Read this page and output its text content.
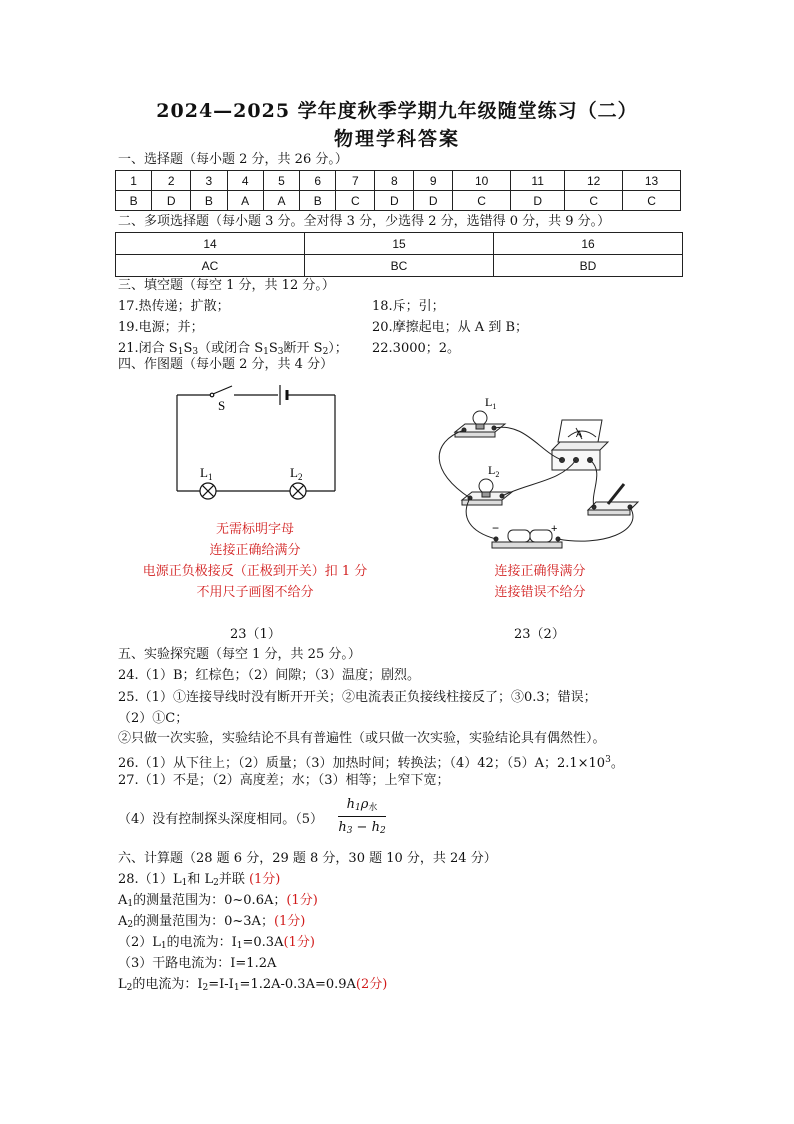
2024—2025 学年度秋季学期九年级随堂练习（二）
物理学科答案
一、选择题（每小题 2 分，共 26 分。）
1	2	3	4	5	6	7	8	9	10	11	12	13
B	D	B	A	A	B	C	D	D	C	D	C	C
二、多项选择题（每小题 3 分。全对得 3 分，少选得 2 分，选错得 0 分，共 9 分。）
14	15	16
AC	BC	BD
三、填空题（每空 1 分，共 12 分。）
17.热传递；扩散；	18.斥；引；
19.电源；并；	20.摩擦起电；从 A 到 B；
21.闭合 $S_1S_3$（或闭合 $S_1S_3$断开 $S_2$）； 22.3000；2。
四、作图题（每小题 2 分，共 4 分）
S
$L_1$	$L_2$
无需标明字母
连接正确给满分
电源正负极接反（正极到开关）扣 1 分
不用尺子画图不给分
$L_1$
$L_2$
A
−	+
连接正确得满分
连接错误不给分
23（1）	23（2）
五、实验探究题（每空 1 分，共 25 分。）
24.（1）B；红棕色；（2）间隙；（3）温度；剧烈。
25.（1）①连接导线时没有断开开关；②电流表正负接线柱接反了；③0.3；错误；
（2）①C；
②只做一次实验，实验结论不具有普遍性（或只做一次实验，实验结论具有偶然性）。
26.（1）从下往上；（2）质量；（3）加热时间；转换法；（4）42；（5）A；$2.1\times 10^3$。
27.（1）不是；（2）高度差；水；（3）相等；上窄下宽；
（4）没有控制探头深度相同。（5）
$h_1\rho_水$
$h_3 - h_2$
六、计算题（28 题 6 分，29 题 8 分，30 题 10 分，共 24 分）
$28.(1)L_1$和 $L_2$并联 (1分)
$A_1$的测量范围为：0~0.6A；(1分)
$A_2$的测量范围为：0~3A；(1分)
$(2)L_1$的电流为：$I_1=0.3A(1$分)
（3）干路电流为：I=1.2A
$L_2$的电流为：$I_2=I-I_1=1.2A-0.3A=0.9A(2$分)
